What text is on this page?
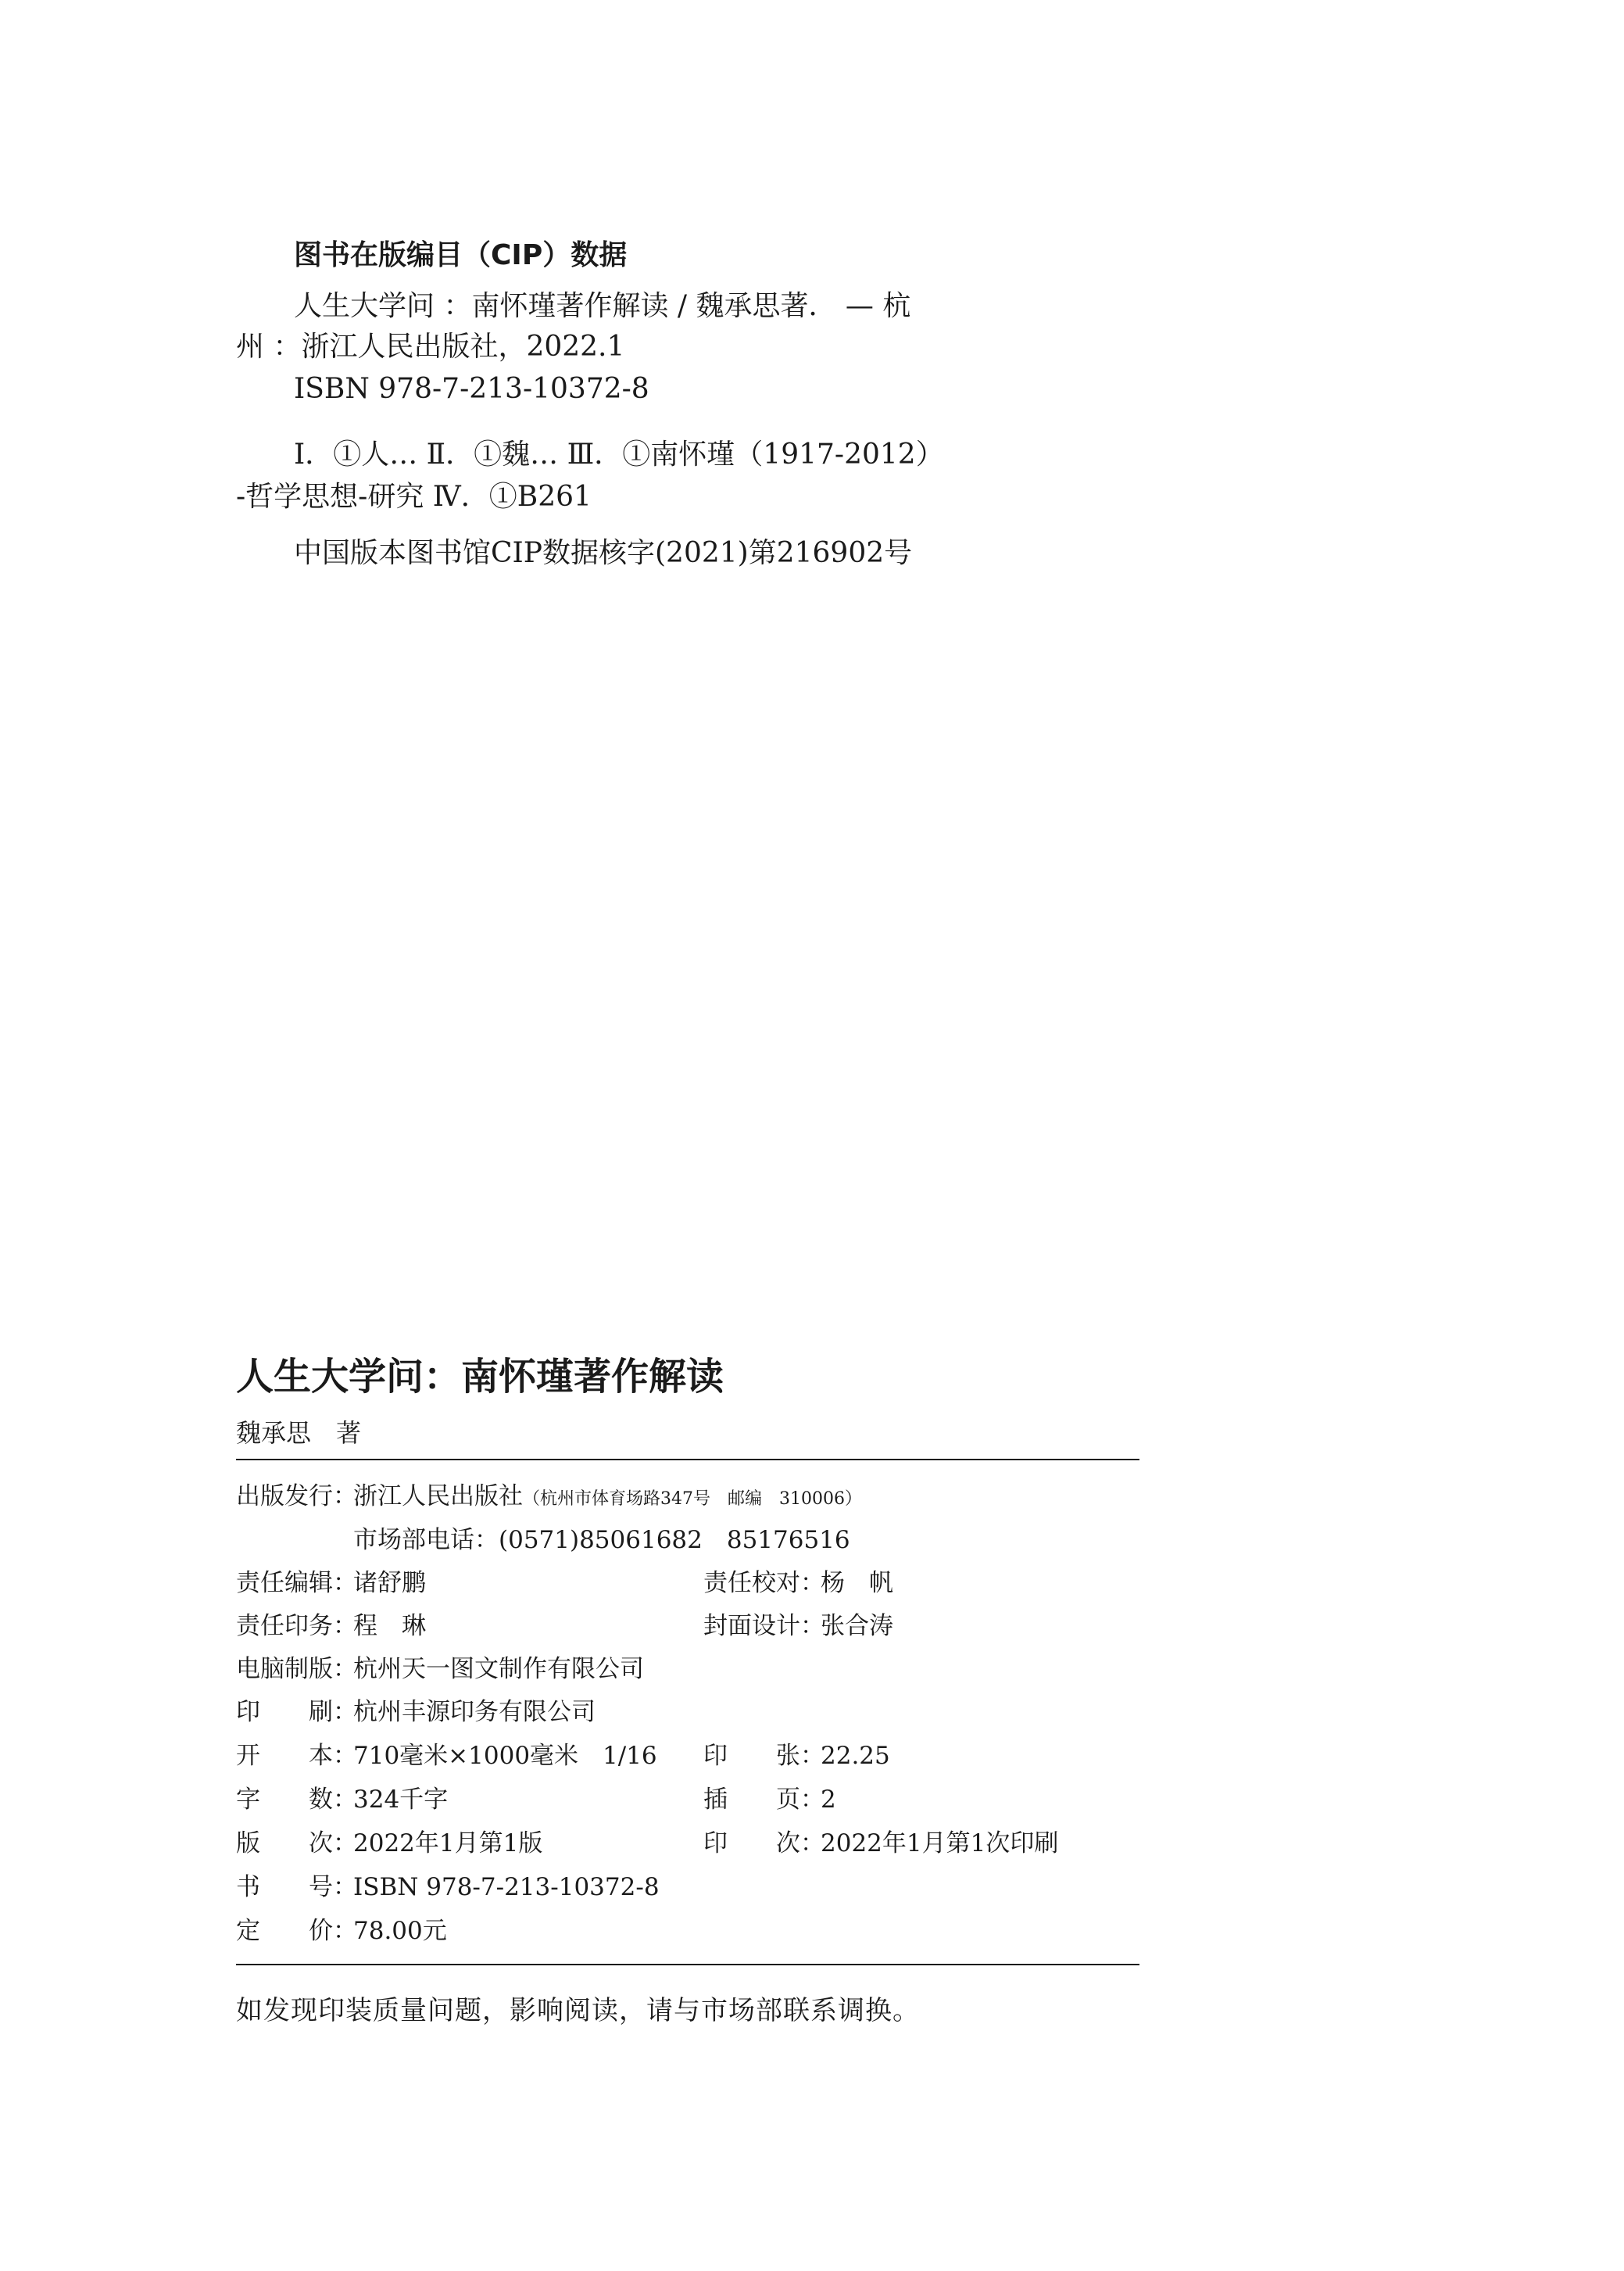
图书在版编目（CIP）数据
人生大学问 ：南怀瑾著作解读 / 魏承思著． — 杭
州 ：浙江人民出版社，2022.1
ISBN 978-7-213-10372-8
Ⅰ．①人… Ⅱ．①魏… Ⅲ．①南怀瑾（1917-2012）
-哲学思想-研究 Ⅳ．①B261
中国版本图书馆CIP数据核字(2021)第216902号
人生大学问：南怀瑾著作解读
魏承思　著
出版发行：浙江人民出版社（杭州市体育场路347号　邮编　310006）
市场部电话：(0571)85061682　85176516
责任编辑：诸舒鹏	责任校对：杨　帆
责任印务：程　琳	封面设计：张合涛
电脑制版：杭州天一图文制作有限公司
印　　刷：杭州丰源印务有限公司
开　　本：710毫米×1000毫米　1/16 印　　张：22.25
字　　数：324千字	插　　页：2
版　　次：2022年1月第1版	印　　次：2022年1月第1次印刷
书　　号：ISBN 978-7-213-10372-8
定　　价：78.00元
如发现印装质量问题，影响阅读，请与市场部联系调换。
